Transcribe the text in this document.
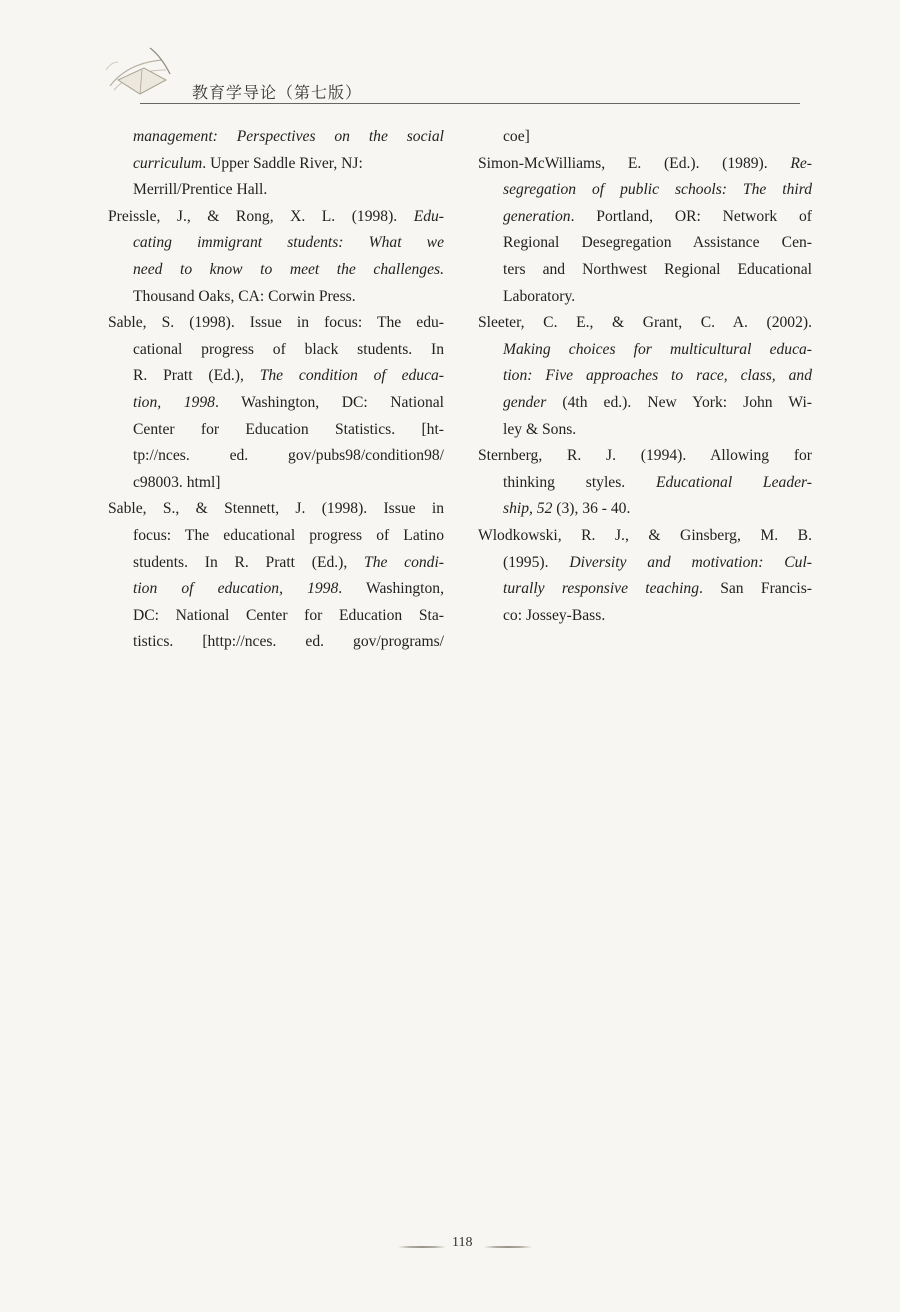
教育学导论（第七版）
management: Perspectives on the social
curriculum. Upper Saddle River, NJ:
Merrill/Prentice Hall.
Preissle, J., & Rong, X. L. (1998). Edu-
cating immigrant students: What we
need to know to meet the challenges.
Thousand Oaks, CA: Corwin Press.
Sable, S. (1998). Issue in focus: The edu-
cational progress of black students. In
R. Pratt (Ed.), The condition of educa-
tion, 1998. Washington, DC: National
Center for Education Statistics. [ht-
tp://nces. ed. gov/pubs98/condition98/
c98003. html]
Sable, S., & Stennett, J. (1998). Issue in
focus: The educational progress of Latino
students. In R. Pratt (Ed.), The condi-
tion of education, 1998. Washington,
DC: National Center for Education Sta-
tistics. [http://nces. ed. gov/programs/
coe]
Simon-McWilliams, E. (Ed.). (1989). Re-
segregation of public schools: The third
generation. Portland, OR: Network of
Regional Desegregation Assistance Cen-
ters and Northwest Regional Educational
Laboratory.
Sleeter, C. E., & Grant, C. A. (2002).
Making choices for multicultural educa-
tion: Five approaches to race, class, and
gender (4th ed.). New York: John Wi-
ley & Sons.
Sternberg, R. J. (1994). Allowing for
thinking styles. Educational Leader-
ship, 52 (3), 36 - 40.
Wlodkowski, R. J., & Ginsberg, M. B.
(1995). Diversity and motivation: Cul-
turally responsive teaching. San Francis-
co: Jossey-Bass.
118
